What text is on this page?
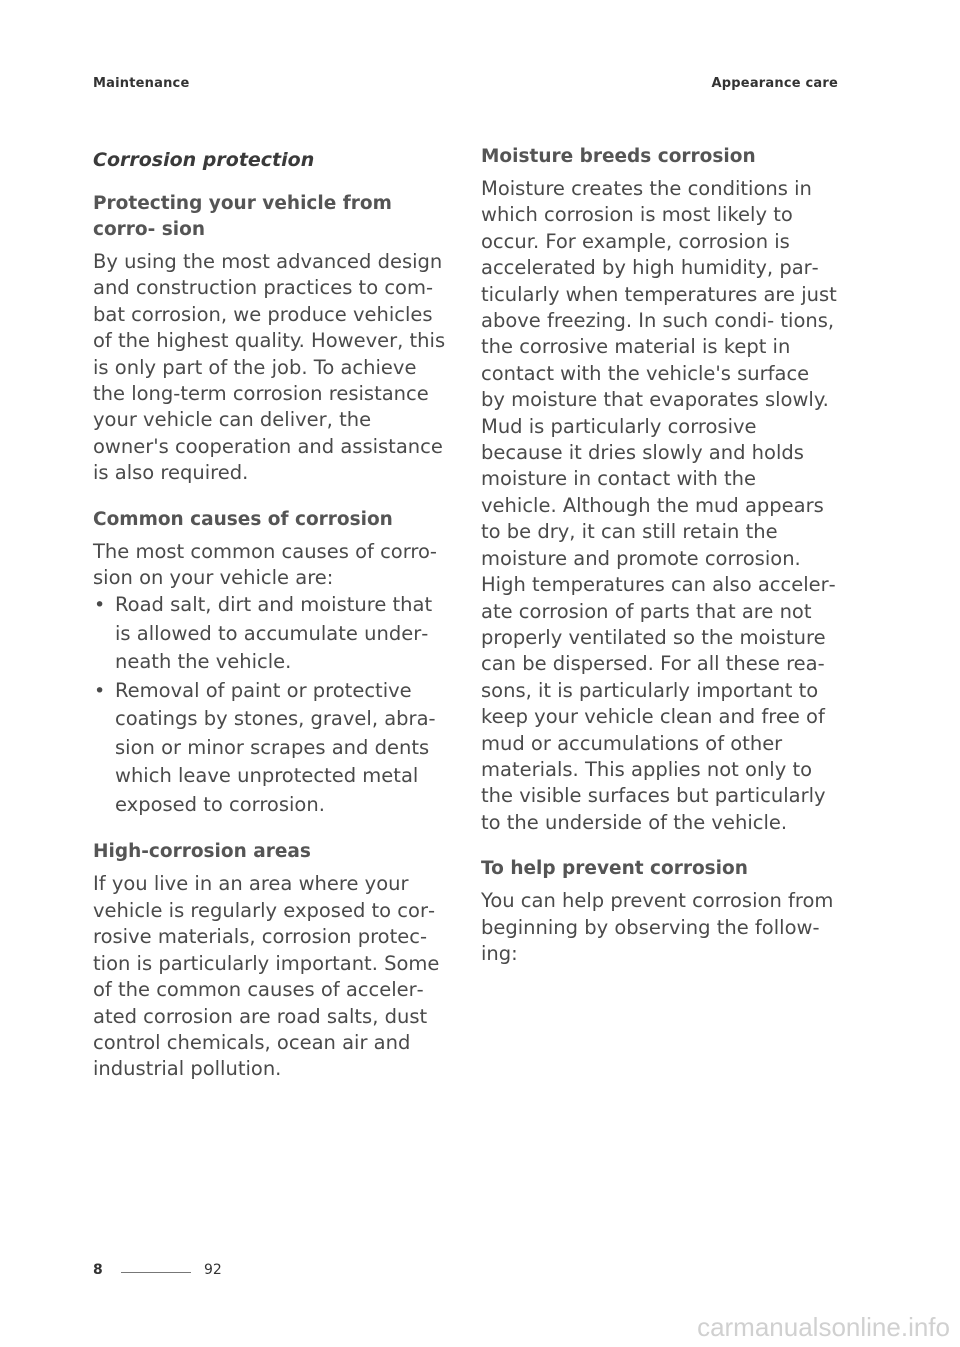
Maintenance	Appearance care
Corrosion protection
Protecting your vehicle from corro‐ sion

By using the most advanced design and construction practices to com‐ bat corrosion, we produce vehicles of the highest quality. However, this is only part of the job. To achieve the long-term corrosion resistance your vehicle can deliver, the owner's cooperation and assistance is also required.

Common causes of corrosion

The most common causes of corro‐ sion on your vehicle are:

• Road salt, dirt and moisture that is allowed to accumulate under‐ neath the vehicle.
• Removal of paint or protective coatings by stones, gravel, abra‐ sion or minor scrapes and dents which leave unprotected metal exposed to corrosion.
High-corrosion areas

If you live in an area where your vehicle is regularly exposed to cor‐ rosive materials, corrosion protec‐ tion is particularly important. Some of the common causes of acceler‐ ated corrosion are road salts, dust control chemicals, ocean air and industrial pollution.

Moisture breeds corrosion

Moisture creates the conditions in which corrosion is most likely to occur. For example, corrosion is accelerated by high humidity, par‐ ticularly when temperatures are just above freezing. In such condi‐ tions, the corrosive material is kept in contact with the vehicle's surface by moisture that evaporates slowly. Mud is particularly corrosive because it dries slowly and holds moisture in contact with the vehicle. Although the mud appears to be dry, it can still retain the moisture and promote corrosion. High temperatures can also acceler‐ ate corrosion of parts that are not properly ventilated so the moisture can be dispersed. For all these rea‐ sons, it is particularly important to keep your vehicle clean and free of mud or accumulations of other materials. This applies not only to the visible surfaces but particularly to the underside of the vehicle.

To help prevent corrosion

You can help prevent corrosion from beginning by observing the follow‐ ing:

8	92
carmanualsonline.info
